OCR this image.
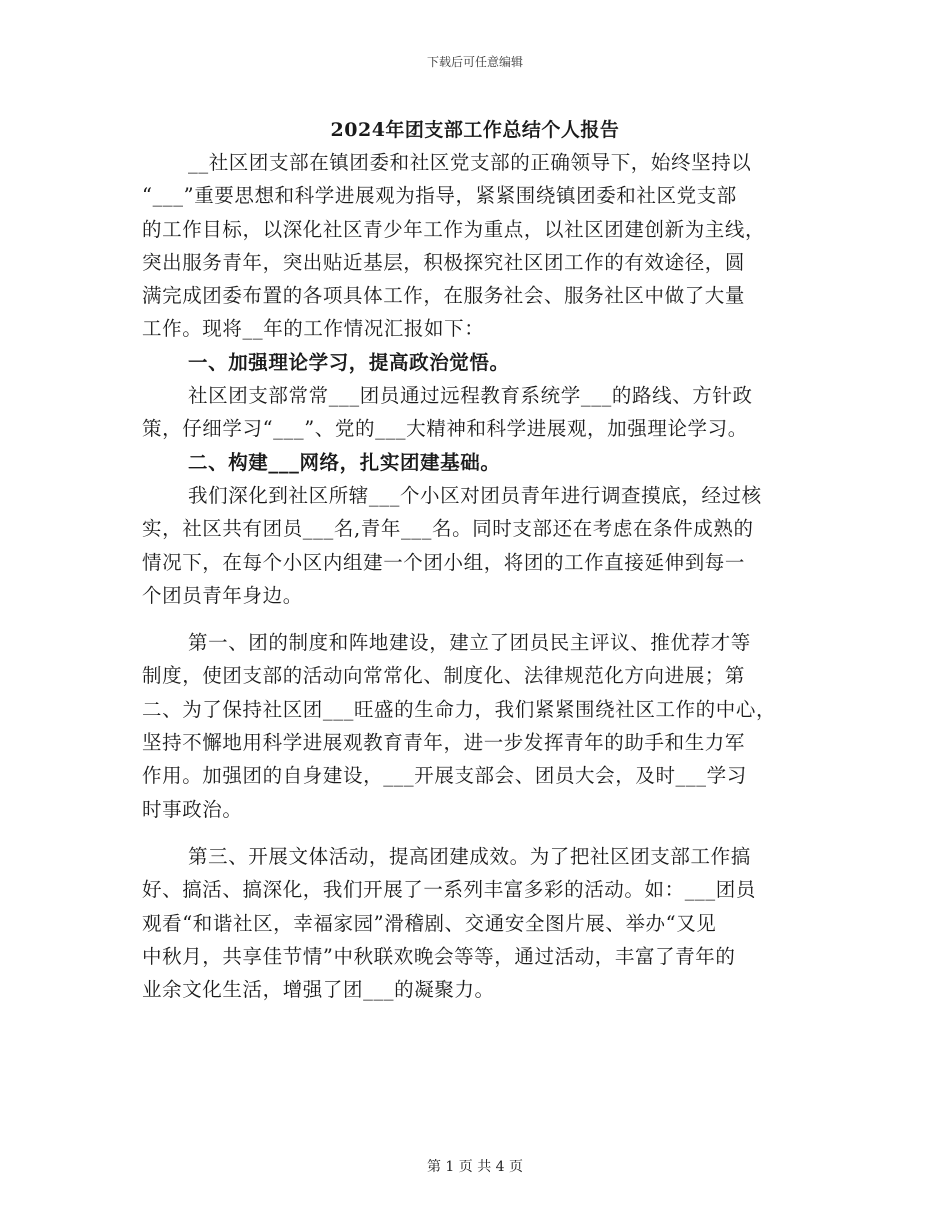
下载后可任意编辑
2024年团支部工作总结个人报告
__社区团支部在镇团委和社区党支部的正确领导下，始终坚持以
“___”重要思想和科学进展观为指导，紧紧围绕镇团委和社区党支部
的工作目标，以深化社区青少年工作为重点，以社区团建创新为主线，
突出服务青年，突出贴近基层，积极探究社区团工作的有效途径，圆
满完成团委布置的各项具体工作，在服务社会、服务社区中做了大量
工作。现将__年的工作情况汇报如下：
一、加强理论学习，提高政治觉悟。
社区团支部常常___团员通过远程教育系统学___的路线、方针政
策，仔细学习“___”、党的___大精神和科学进展观，加强理论学习。
二、构建___网络，扎实团建基础。
我们深化到社区所辖___个小区对团员青年进行调查摸底，经过核
实，社区共有团员___名,青年___名。同时支部还在考虑在条件成熟的
情况下，在每个小区内组建一个团小组，将团的工作直接延伸到每一
个团员青年身边。
第一、团的制度和阵地建设，建立了团员民主评议、推优荐才等
制度，使团支部的活动向常常化、制度化、法律规范化方向进展；第
二、为了保持社区团___旺盛的生命力，我们紧紧围绕社区工作的中心，
坚持不懈地用科学进展观教育青年，进一步发挥青年的助手和生力军
作用。加强团的自身建设，___开展支部会、团员大会，及时___学习
时事政治。
第三、开展文体活动，提高团建成效。为了把社区团支部工作搞
好、搞活、搞深化，我们开展了一系列丰富多彩的活动。如：___团员
观看“和谐社区，幸福家园”滑稽剧、交通安全图片展、举办“又见
中秋月，共享佳节情”中秋联欢晚会等等，通过活动，丰富了青年的
业余文化生活，增强了团___的凝聚力。
第 1 页 共 4 页
